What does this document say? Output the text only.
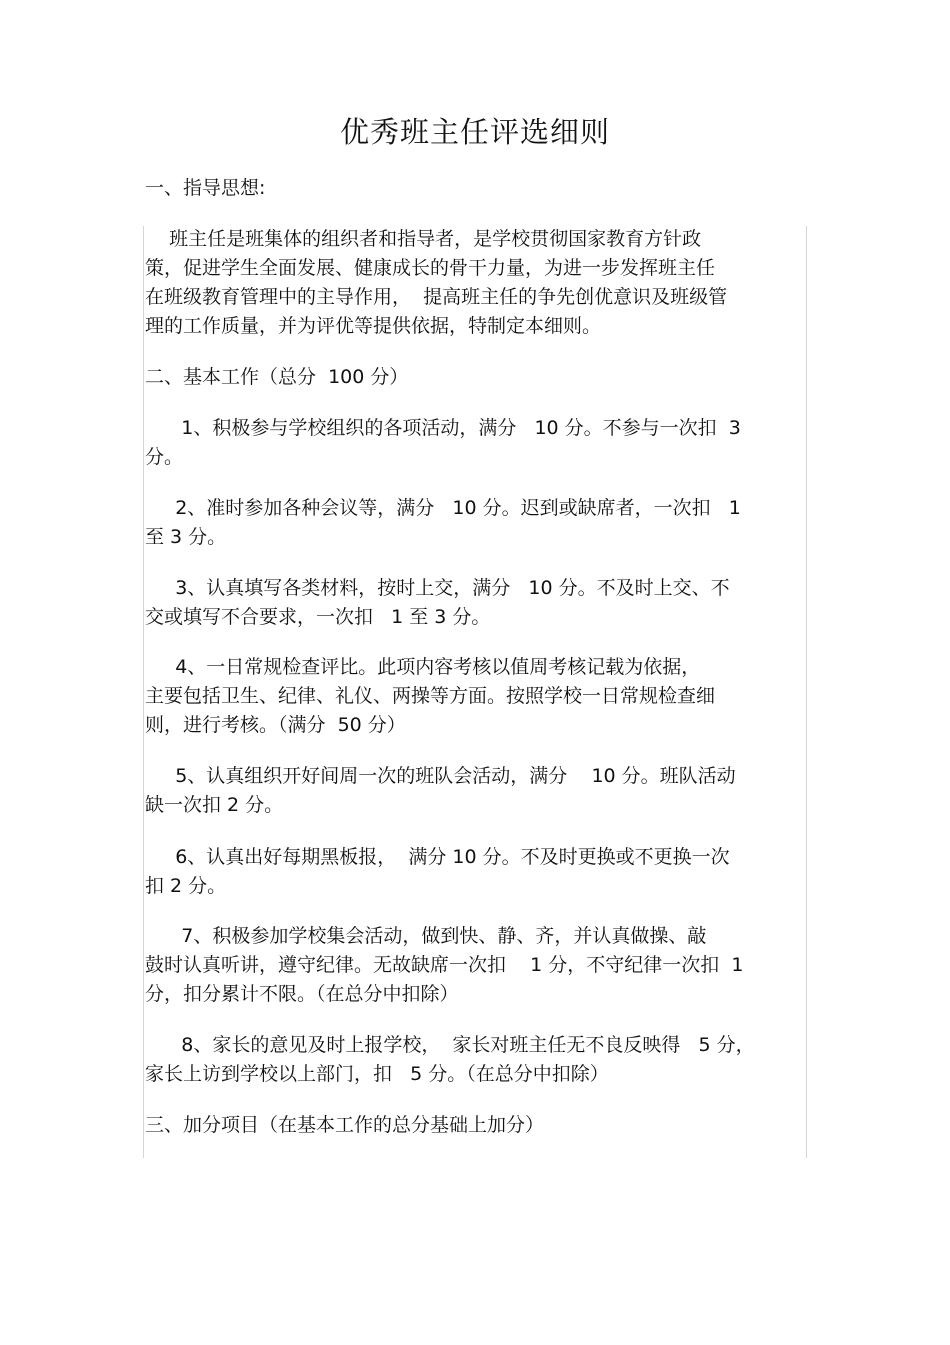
优秀班主任评选细则
一、指导思想:
班主任是班集体的组织者和指导者，是学校贯彻国家教育方针政
策，促进学生全面发展、健康成长的骨干力量，为进一步发挥班主任
在班级教育管理中的主导作用，  提高班主任的争先创优意识及班级管
理的工作质量，并为评优等提供依据，特制定本细则。
二、基本工作（总分  100 分）
1、积极参与学校组织的各项活动，满分   10 分。不参与一次扣  3
分。
2、准时参加各种会议等，满分   10 分。迟到或缺席者，一次扣   1
至 3 分。
3、认真填写各类材料，按时上交，满分   10 分。不及时上交、不
交或填写不合要求，一次扣   1 至 3 分。
4、一日常规检查评比。此项内容考核以值周考核记载为依据，
主要包括卫生、纪律、礼仪、两操等方面。按照学校一日常规检查细
则，进行考核。（满分  50 分）
5、认真组织开好间周一次的班队会活动，满分    10 分。班队活动
缺一次扣 2 分。
6、认真出好每期黑板报，  满分 10 分。不及时更换或不更换一次
扣 2 分。
7、积极参加学校集会活动，做到快、静、齐，并认真做操、敲
鼓时认真听讲，遵守纪律。无故缺席一次扣    1 分，不守纪律一次扣  1
分，扣分累计不限。（在总分中扣除）
8、家长的意见及时上报学校，  家长对班主任无不良反映得   5 分，
家长上访到学校以上部门，扣   5 分。（在总分中扣除）
三、加分项目（在基本工作的总分基础上加分）
